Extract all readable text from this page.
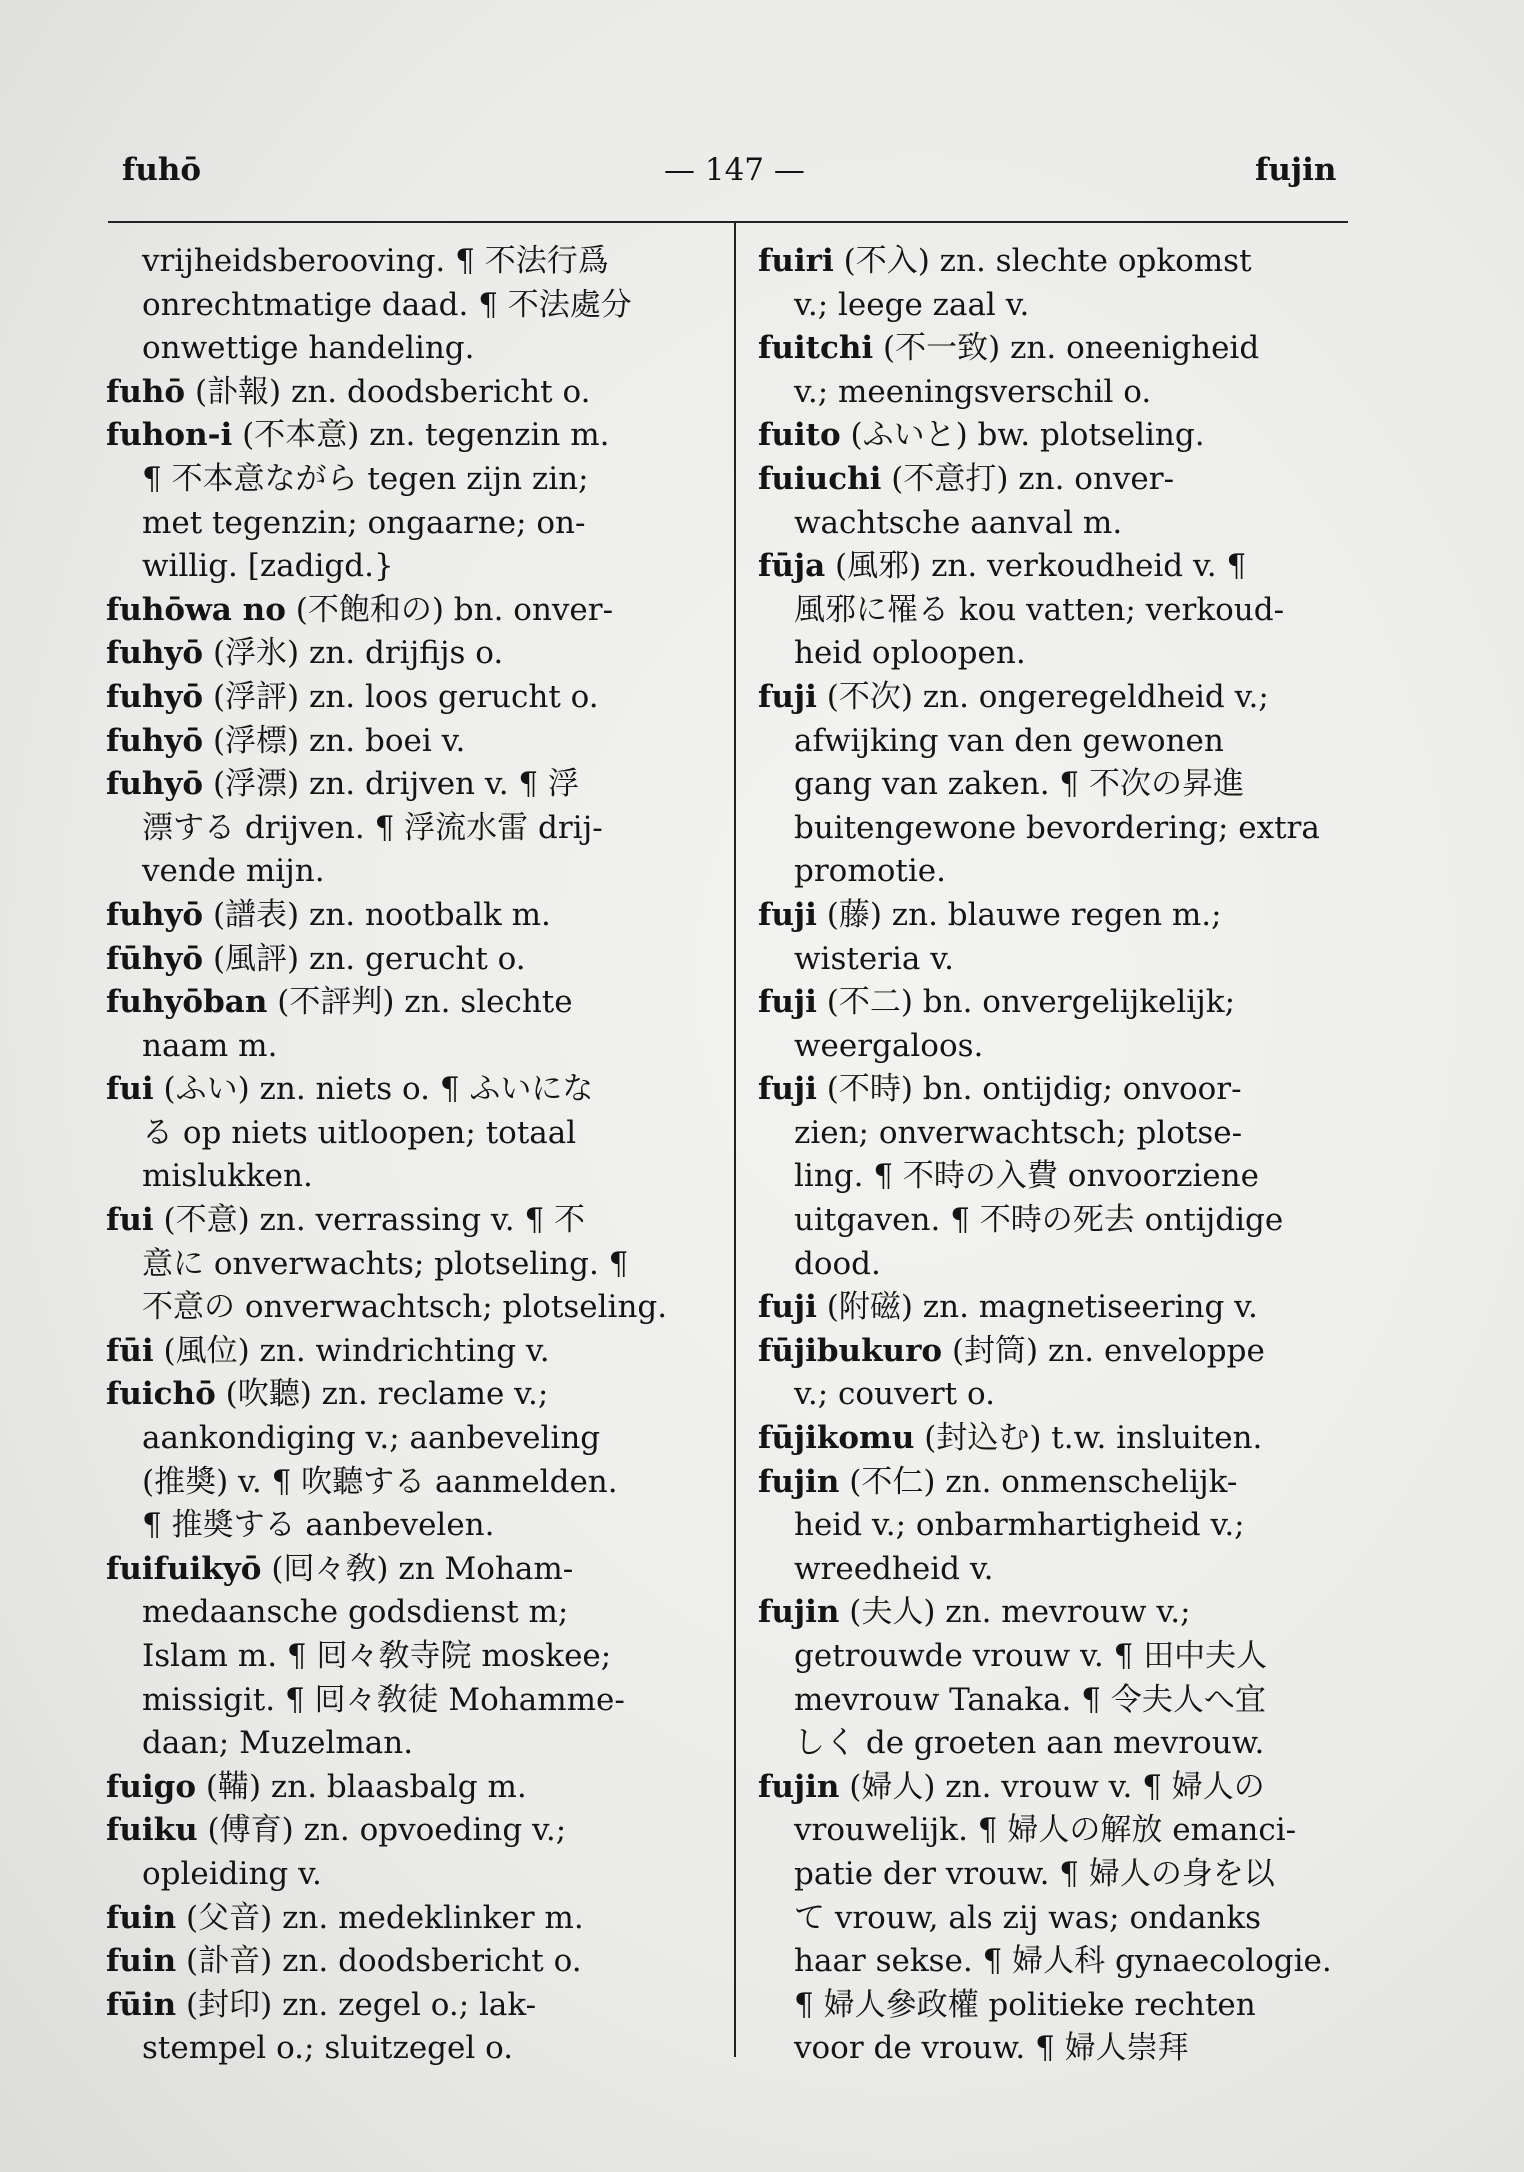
fuhō	— 147 —	fujin
vrijheidsberooving. ¶ 不法行爲
onrechtmatige daad. ¶ 不法處分
onwettige handeling.
fuhō (訃報) zn. doodsbericht o.
fuhon-i (不本意) zn. tegenzin m.
¶ 不本意ながら tegen zijn zin;
met tegenzin; ongaarne; on-
willig. [zadigd.}
fuhōwa no (不飽和の) bn. onver-
fuhyō (浮氷) zn. drijfijs o.
fuhyō (浮評) zn. loos gerucht o.
fuhyō (浮標) zn. boei v.
fuhyō (浮漂) zn. drijven v. ¶ 浮
漂する drijven. ¶ 浮流水雷 drij-
vende mijn.
fuhyō (譜表) zn. nootbalk m.
fūhyō (風評) zn. gerucht o.
fuhyōban (不評判) zn. slechte
naam m.
fui (ふい) zn. niets o. ¶ ふいにな
る op niets uitloopen; totaal
mislukken.
fui (不意) zn. verrassing v. ¶ 不
意に onverwachts; plotseling. ¶
不意の onverwachtsch; plotseling.
fūi (風位) zn. windrichting v.
fuichō (吹聽) zn. reclame v.;
aankondiging v.; aanbeveling
(推奬) v. ¶ 吹聽する aanmelden.
¶ 推奬する aanbevelen.
fuifuikyō (囘々敎) zn Moham-
medaansche godsdienst m;
Islam m. ¶ 囘々敎寺院 moskee;
missigit. ¶ 囘々敎徒 Mohamme-
daan; Muzelman.
fuigo (鞴) zn. blaasbalg m.
fuiku (傅育) zn. opvoeding v.;
opleiding v.
fuin (父音) zn. medeklinker m.
fuin (訃音) zn. doodsbericht o.
fūin (封印) zn. zegel o.; lak-
stempel o.; sluitzegel o.
fuiri (不入) zn. slechte opkomst
v.; leege zaal v.
fuitchi (不一致) zn. oneenigheid
v.; meeningsverschil o.
fuito (ふいと) bw. plotseling.
fuiuchi (不意打) zn. onver-
wachtsche aanval m.
fūja (風邪) zn. verkoudheid v. ¶
風邪に罹る kou vatten; verkoud-
heid oploopen.
fuji (不次) zn. ongeregeldheid v.;
afwijking van den gewonen
gang van zaken. ¶ 不次の昇進
buitengewone bevordering; extra
promotie.
fuji (藤) zn. blauwe regen m.;
wisteria v.
fuji (不二) bn. onvergelijkelijk;
weergaloos.
fuji (不時) bn. ontijdig; onvoor-
zien; onverwachtsch; plotse-
ling. ¶ 不時の入費 onvoorziene
uitgaven. ¶ 不時の死去 ontijdige
dood.
fuji (附磁) zn. magnetiseering v.
fūjibukuro (封筒) zn. enveloppe
v.; couvert o.
fūjikomu (封込む) t.w. insluiten.
fujin (不仁) zn. onmenschelijk-
heid v.; onbarmhartigheid v.;
wreedheid v.
fujin (夫人) zn. mevrouw v.;
getrouwde vrouw v. ¶ 田中夫人
mevrouw Tanaka. ¶ 令夫人へ宜
しく de groeten aan mevrouw.
fujin (婦人) zn. vrouw v. ¶ 婦人の
vrouwelijk. ¶ 婦人の解放 emanci-
patie der vrouw. ¶ 婦人の身を以
て vrouw, als zij was; ondanks
haar sekse. ¶ 婦人科 gynaecologie.
¶ 婦人參政權 politieke rechten
voor de vrouw. ¶ 婦人崇拜
